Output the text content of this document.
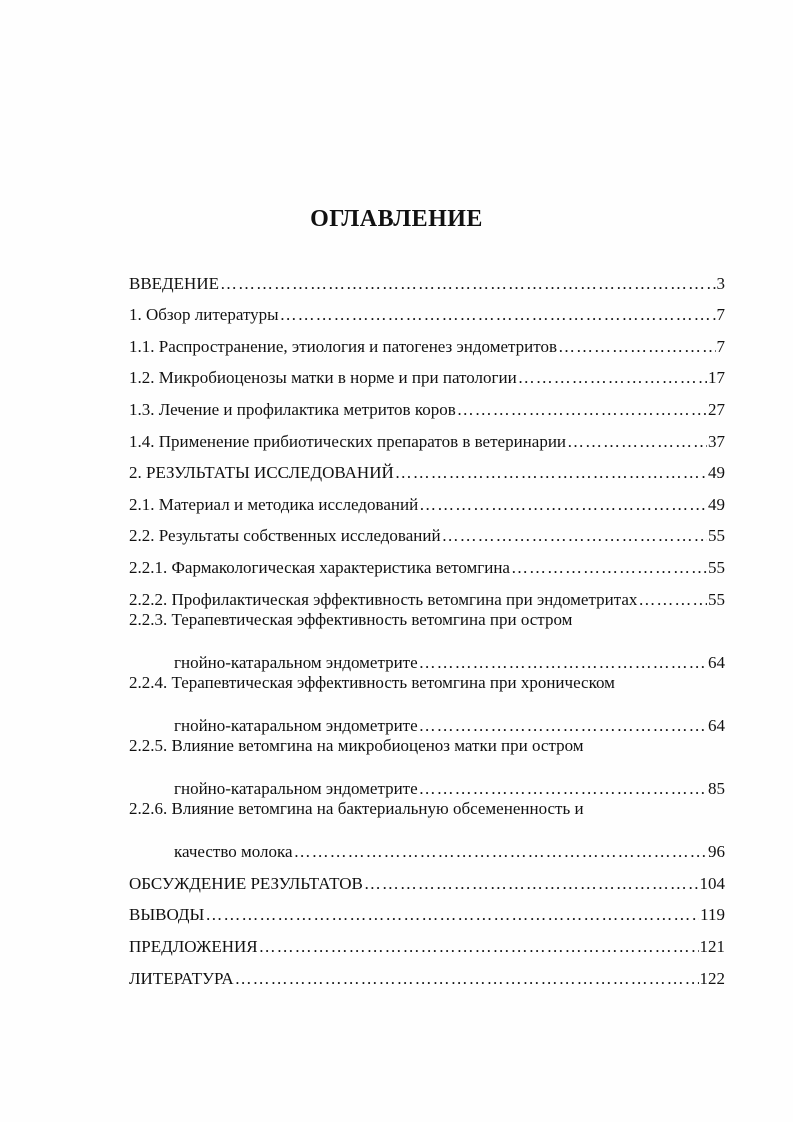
ОГЛАВЛЕНИЕ
ВВЕДЕНИЕ …………………………………………………………………………………………………………………………………………………………	3
1. Обзор литературы …………………………………………………………………………………………………………………………………………………………	7
1.1. Распространение, этиология и патогенез эндометритов …………………………………………………………………………………………………………………………………………………………	7
1.2. Микробиоценозы матки в норме и при патологии …………………………………………………………………………………………………………………………………………………………	17
1.3. Лечение и профилактика метритов коров …………………………………………………………………………………………………………………………………………………………	27
1.4. Применение прибиотических препаратов в ветеринарии …………………………………………………………………………………………………………………………………………………………	37
2. РЕЗУЛЬТАТЫ ИССЛЕДОВАНИЙ …………………………………………………………………………………………………………………………………………………………	49
2.1. Материал и методика исследований …………………………………………………………………………………………………………………………………………………………	49
2.2. Результаты собственных исследований …………………………………………………………………………………………………………………………………………………………	55
2.2.1. Фармакологическая характеристика ветомгина …………………………………………………………………………………………………………………………………………………………	55
2.2.2. Профилактическая эффективность ветомгина при эндометритах …………………………………………………………………………………………………………………………………………………………	55
2.2.3. Терапевтическая эффективность ветомгина при остром
гнойно-катаральном эндометрите …………………………………………………………………………………………………………………………………………………………	64
2.2.4. Терапевтическая эффективность ветомгина при хроническом
гнойно-катаральном эндометрите …………………………………………………………………………………………………………………………………………………………	64
2.2.5. Влияние ветомгина на микробиоценоз матки при остром
гнойно-катаральном эндометрите …………………………………………………………………………………………………………………………………………………………	85
2.2.6. Влияние ветомгина на бактериальную обсемененность и
качество молока …………………………………………………………………………………………………………………………………………………………	96
ОБСУЖДЕНИЕ РЕЗУЛЬТАТОВ …………………………………………………………………………………………………………………………………………………………	104
ВЫВОДЫ …………………………………………………………………………………………………………………………………………………………	119
ПРЕДЛОЖЕНИЯ …………………………………………………………………………………………………………………………………………………………	121
ЛИТЕРАТУРА …………………………………………………………………………………………………………………………………………………………	122
